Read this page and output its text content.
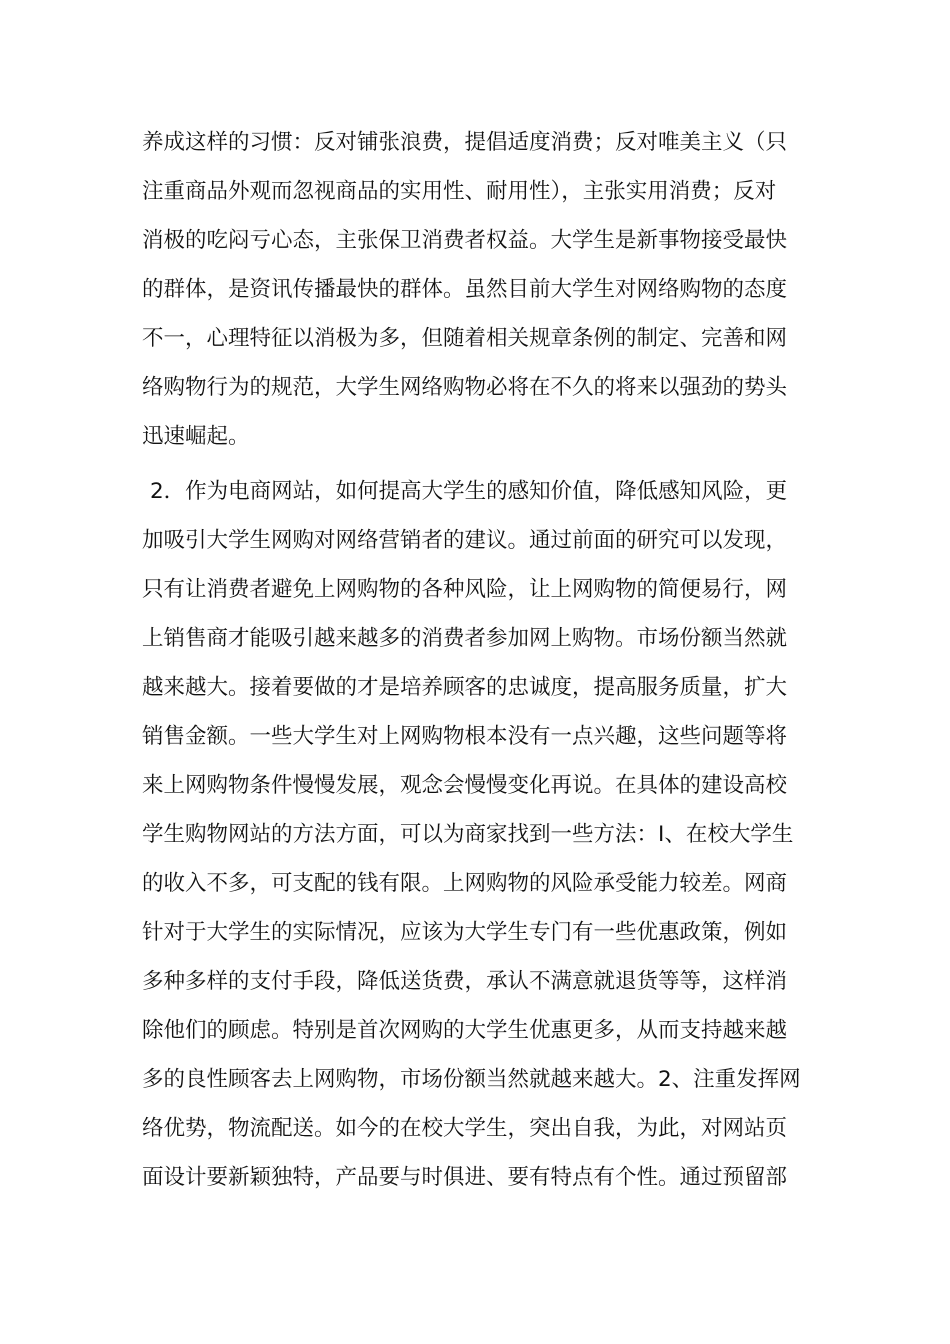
养成这样的习惯：反对铺张浪费，提倡适度消费；反对唯美主义（只
注重商品外观而忽视商品的实用性、耐用性），主张实用消费；反对
消极的吃闷亏心态，主张保卫消费者权益。大学生是新事物接受最快
的群体，是资讯传播最快的群体。虽然目前大学生对网络购物的态度
不一，心理特征以消极为多，但随着相关规章条例的制定、完善和网
络购物行为的规范，大学生网络购物必将在不久的将来以强劲的势头
迅速崛起。
2．作为电商网站，如何提高大学生的感知价值，降低感知风险，更
加吸引大学生网购对网络营销者的建议。通过前面的研究可以发现，
只有让消费者避免上网购物的各种风险，让上网购物的简便易行，网
上销售商才能吸引越来越多的消费者参加网上购物。市场份额当然就
越来越大。接着要做的才是培养顾客的忠诚度，提高服务质量，扩大
销售金额。一些大学生对上网购物根本没有一点兴趣，这些问题等将
来上网购物条件慢慢发展，观念会慢慢变化再说。在具体的建设高校
学生购物网站的方法方面，可以为商家找到一些方法：I、在校大学生
的收入不多，可支配的钱有限。上网购物的风险承受能力较差。网商
针对于大学生的实际情况，应该为大学生专门有一些优惠政策，例如
多种多样的支付手段，降低送货费，承认不满意就退货等等，这样消
除他们的顾虑。特别是首次网购的大学生优惠更多，从而支持越来越
多的良性顾客去上网购物，市场份额当然就越来越大。2、注重发挥网
络优势，物流配送。如今的在校大学生，突出自我，为此，对网站页
面设计要新颖独特，产品要与时俱进、要有特点有个性。通过预留部
